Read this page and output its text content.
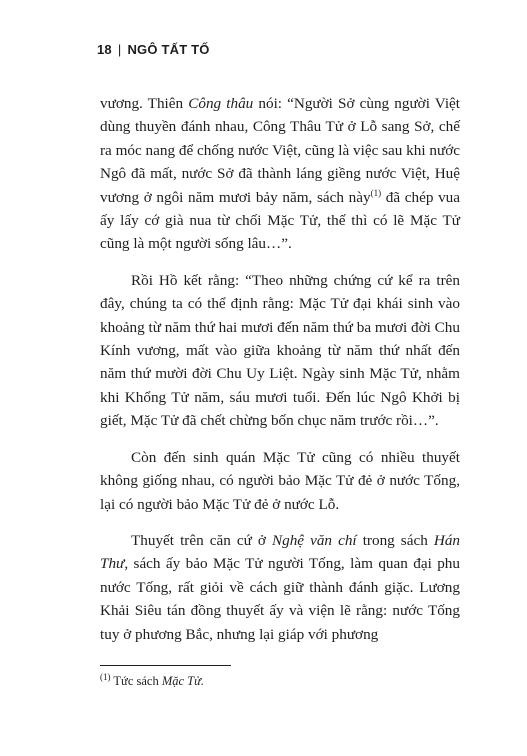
18 | NGÔ TẤT TỐ

vương. Thiên Công thâu nói: “Người Sở cùng người Việt dùng thuyền đánh nhau, Công Thâu Tử ở Lỗ sang Sở, chế ra móc nang để chống nước Việt, cũng là việc sau khi nước Ngô đã mất, nước Sở đã thành láng giềng nước Việt, Huệ vương ở ngôi năm mươi bảy năm, sách này$^{(1)}$ đã chép vua ấy lấy cớ già nua từ chối Mặc Tử, thế thì có lẽ Mặc Tử cũng là một người sống lâu…”.

Rồi Hồ kết rằng: “Theo những chứng cứ kể ra trên đây, chúng ta có thể định rằng: Mặc Tử đại khái sinh vào khoảng từ năm thứ hai mươi đến năm thứ ba mươi đời Chu Kính vương, mất vào giữa khoảng từ năm thứ nhất đến năm thứ mười đời Chu Uy Liệt. Ngày sinh Mặc Tử, nhằm khi Khổng Tử năm, sáu mươi tuổi. Đến lúc Ngô Khởi bị giết, Mặc Tử đã chết chừng bốn chục năm trước rồi…”.

Còn đến sinh quán Mặc Tử cũng có nhiều thuyết không giống nhau, có người bảo Mặc Tử đẻ ở nước Tống, lại có người bảo Mặc Tử đẻ ở nước Lỗ.

Thuyết trên căn cứ ở Nghệ văn chí trong sách Hán Thư, sách ấy bảo Mặc Tử người Tống, làm quan đại phu nước Tống, rất giỏi về cách giữ thành đánh giặc. Lương Khải Siêu tán đồng thuyết ấy và viện lẽ rằng: nước Tống tuy ở phương Bắc, nhưng lại giáp với phương

$^{(1)}$ Tức sách Mặc Tử.
